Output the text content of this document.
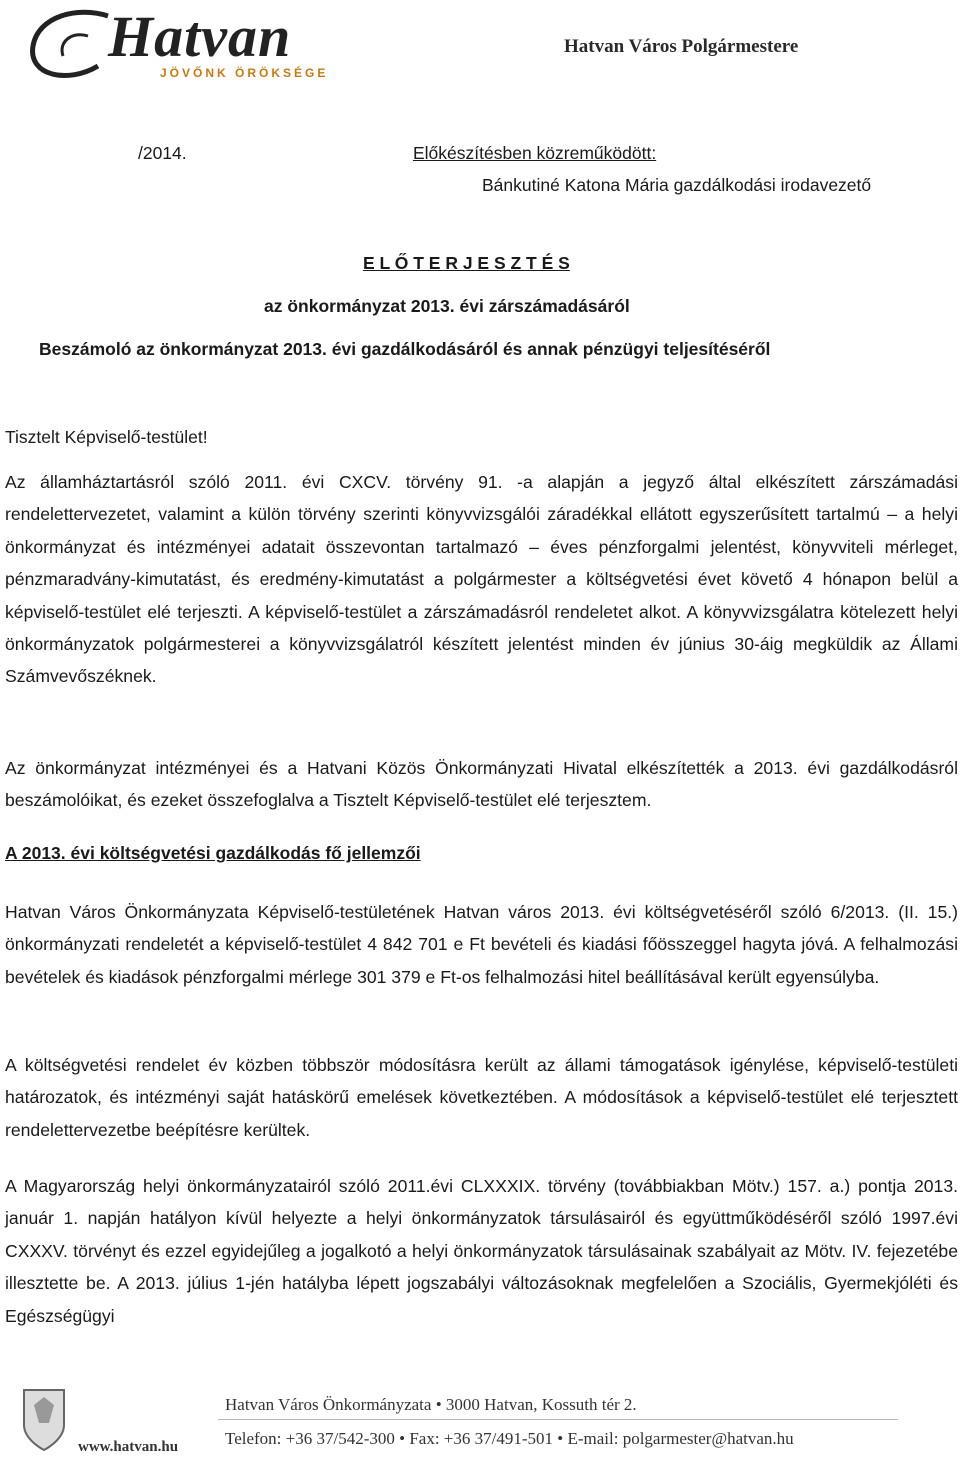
Hatvan
JÖVŐNK ÖRÖKSÉGE
Hatvan Város Polgármestere
/2014.	Előkészítésben közreműködött:
Bánkutiné Katona Mária gazdálkodási irodavezető
E L Ő T E R J E S Z T É S
az önkormányzat 2013. évi zárszámadásáról
Beszámoló az önkormányzat 2013. évi gazdálkodásáról és annak pénzügyi teljesítéséről
Tisztelt Képviselő-testület!
Az államháztartásról szóló 2011. évi CXCV. törvény 91. -a alapján a jegyző által elkészített zárszámadási rendelettervezetet, valamint a külön törvény szerinti könyvvizsgálói záradékkal ellátott egyszerűsített tartalmú – a helyi önkormányzat és intézményei adatait összevontan tartalmazó – éves pénzforgalmi jelentést, könyvviteli mérleget, pénzmaradvány-kimutatást, és eredmény-kimutatást a polgármester a költségvetési évet követő 4 hónapon belül a képviselő-testület elé terjeszti. A képviselő-testület a zárszámadásról rendeletet alkot. A könyvvizsgálatra kötelezett helyi önkormányzatok polgármesterei a könyvvizsgálatról készített jelentést minden év június 30-áig megküldik az Állami Számvevőszéknek.
Az önkormányzat intézményei és a Hatvani Közös Önkormányzati Hivatal elkészítették a 2013. évi gazdálkodásról beszámolóikat, és ezeket összefoglalva a Tisztelt Képviselő-testület elé terjesztem.
A 2013. évi költségvetési gazdálkodás fő jellemzői
Hatvan Város Önkormányzata Képviselő-testületének Hatvan város 2013. évi költségvetéséről szóló 6/2013. (II. 15.) önkormányzati rendeletét a képviselő-testület 4 842 701 e Ft bevételi és kiadási főösszeggel hagyta jóvá. A felhalmozási bevételek és kiadások pénzforgalmi mérlege 301 379 e Ft-os felhalmozási hitel beállításával került egyensúlyba.
A költségvetési rendelet év közben többször módosításra került az állami támogatások igénylése, képviselő-testületi határozatok, és intézményi saját hatáskörű emelések következtében. A módosítások a képviselő-testület elé terjesztett rendelettervezetbe beépítésre kerültek.
A Magyarország helyi önkormányzatairól szóló 2011.évi CLXXXIX. törvény (továbbiakban Mötv.) 157. a.) pontja 2013. január 1. napján hatályon kívül helyezte a helyi önkormányzatok társulásairól és együttműködéséről szóló 1997.évi CXXXV. törvényt és ezzel egyidejűleg a jogalkotó a helyi önkormányzatok társulásainak szabályait az Mötv. IV. fejezetébe illesztette be. A 2013. július 1-jén hatályba lépett jogszabályi változásoknak megfelelően a Szociális, Gyermekjóléti és Egészségügyi
www.hatvan.hu
Hatvan Város Önkormányzata • 3000 Hatvan, Kossuth tér 2.
Telefon: +36 37/542-300 • Fax: +36 37/491-501 • E-mail: polgarmester@hatvan.hu
